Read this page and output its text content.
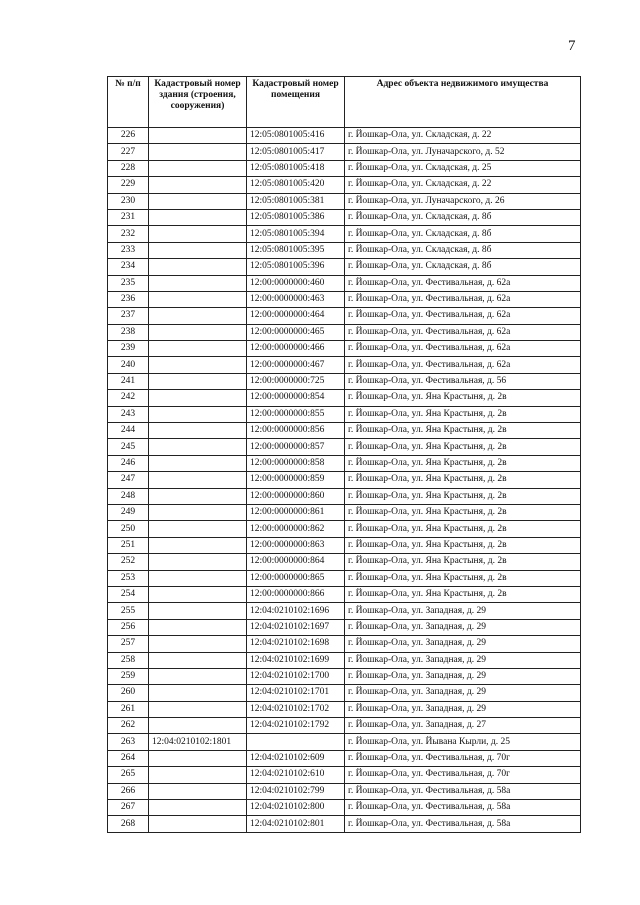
7
№ п/п	Кадастровый номер здания (строения, сооружения)	Кадастровый номер помещения	Адрес объекта недвижимого имущества
226		12:05:0801005:416	г. Йошкар-Ола, ул. Складская, д. 22
227		12:05:0801005:417	г. Йошкар-Ола, ул. Луначарского, д. 52
228		12:05:0801005:418	г. Йошкар-Ола, ул. Складская, д. 25
229		12:05:0801005:420	г. Йошкар-Ола, ул. Складская, д. 22
230		12:05:0801005:381	г. Йошкар-Ола, ул. Луначарского, д. 26
231		12:05:0801005:386	г. Йошкар-Ола, ул. Складская, д. 8б
232		12:05:0801005:394	г. Йошкар-Ола, ул. Складская, д. 8б
233		12:05:0801005:395	г. Йошкар-Ола, ул. Складская, д. 8б
234		12:05:0801005:396	г. Йошкар-Ола, ул. Складская, д. 8б
235		12:00:0000000:460	г. Йошкар-Ола, ул. Фестивальная, д. 62а
236		12:00:0000000:463	г. Йошкар-Ола, ул. Фестивальная, д. 62а
237		12:00:0000000:464	г. Йошкар-Ола, ул. Фестивальная, д. 62а
238		12:00:0000000:465	г. Йошкар-Ола, ул. Фестивальная, д. 62а
239		12:00:0000000:466	г. Йошкар-Ола, ул. Фестивальная, д. 62а
240		12:00:0000000:467	г. Йошкар-Ола, ул. Фестивальная, д. 62а
241		12:00:0000000:725	г. Йошкар-Ола, ул. Фестивальная, д. 56
242		12:00:0000000:854	г. Йошкар-Ола, ул. Яна Крастыня, д. 2в
243		12:00:0000000:855	г. Йошкар-Ола, ул. Яна Крастыня, д. 2в
244		12:00:0000000:856	г. Йошкар-Ола, ул. Яна Крастыня, д. 2в
245		12:00:0000000:857	г. Йошкар-Ола, ул. Яна Крастыня, д. 2в
246		12:00:0000000:858	г. Йошкар-Ола, ул. Яна Крастыня, д. 2в
247		12:00:0000000:859	г. Йошкар-Ола, ул. Яна Крастыня, д. 2в
248		12:00:0000000:860	г. Йошкар-Ола, ул. Яна Крастыня, д. 2в
249		12:00:0000000:861	г. Йошкар-Ола, ул. Яна Крастыня, д. 2в
250		12:00:0000000:862	г. Йошкар-Ола, ул. Яна Крастыня, д. 2в
251		12:00:0000000:863	г. Йошкар-Ола, ул. Яна Крастыня, д. 2в
252		12:00:0000000:864	г. Йошкар-Ола, ул. Яна Крастыня, д. 2в
253		12:00:0000000:865	г. Йошкар-Ола, ул. Яна Крастыня, д. 2в
254		12:00:0000000:866	г. Йошкар-Ола, ул. Яна Крастыня, д. 2в
255		12:04:0210102:1696	г. Йошкар-Ола, ул. Западная, д. 29
256		12:04:0210102:1697	г. Йошкар-Ола, ул. Западная, д. 29
257		12:04:0210102:1698	г. Йошкар-Ола, ул. Западная, д. 29
258		12:04:0210102:1699	г. Йошкар-Ола, ул. Западная, д. 29
259		12:04:0210102:1700	г. Йошкар-Ола, ул. Западная, д. 29
260		12:04:0210102:1701	г. Йошкар-Ола, ул. Западная, д. 29
261		12:04:0210102:1702	г. Йошкар-Ола, ул. Западная, д. 29
262		12:04:0210102:1792	г. Йошкар-Ола, ул. Западная, д. 27
263	12:04:0210102:1801		г. Йошкар-Ола, ул. Йывана Кырли, д. 25
264		12:04:0210102:609	г. Йошкар-Ола, ул. Фестивальная, д. 70г
265		12:04:0210102:610	г. Йошкар-Ола, ул. Фестивальная, д. 70г
266		12:04:0210102:799	г. Йошкар-Ола, ул. Фестивальная, д. 58а
267		12:04:0210102:800	г. Йошкар-Ола, ул. Фестивальная, д. 58а
268		12:04:0210102:801	г. Йошкар-Ола, ул. Фестивальная, д. 58а
